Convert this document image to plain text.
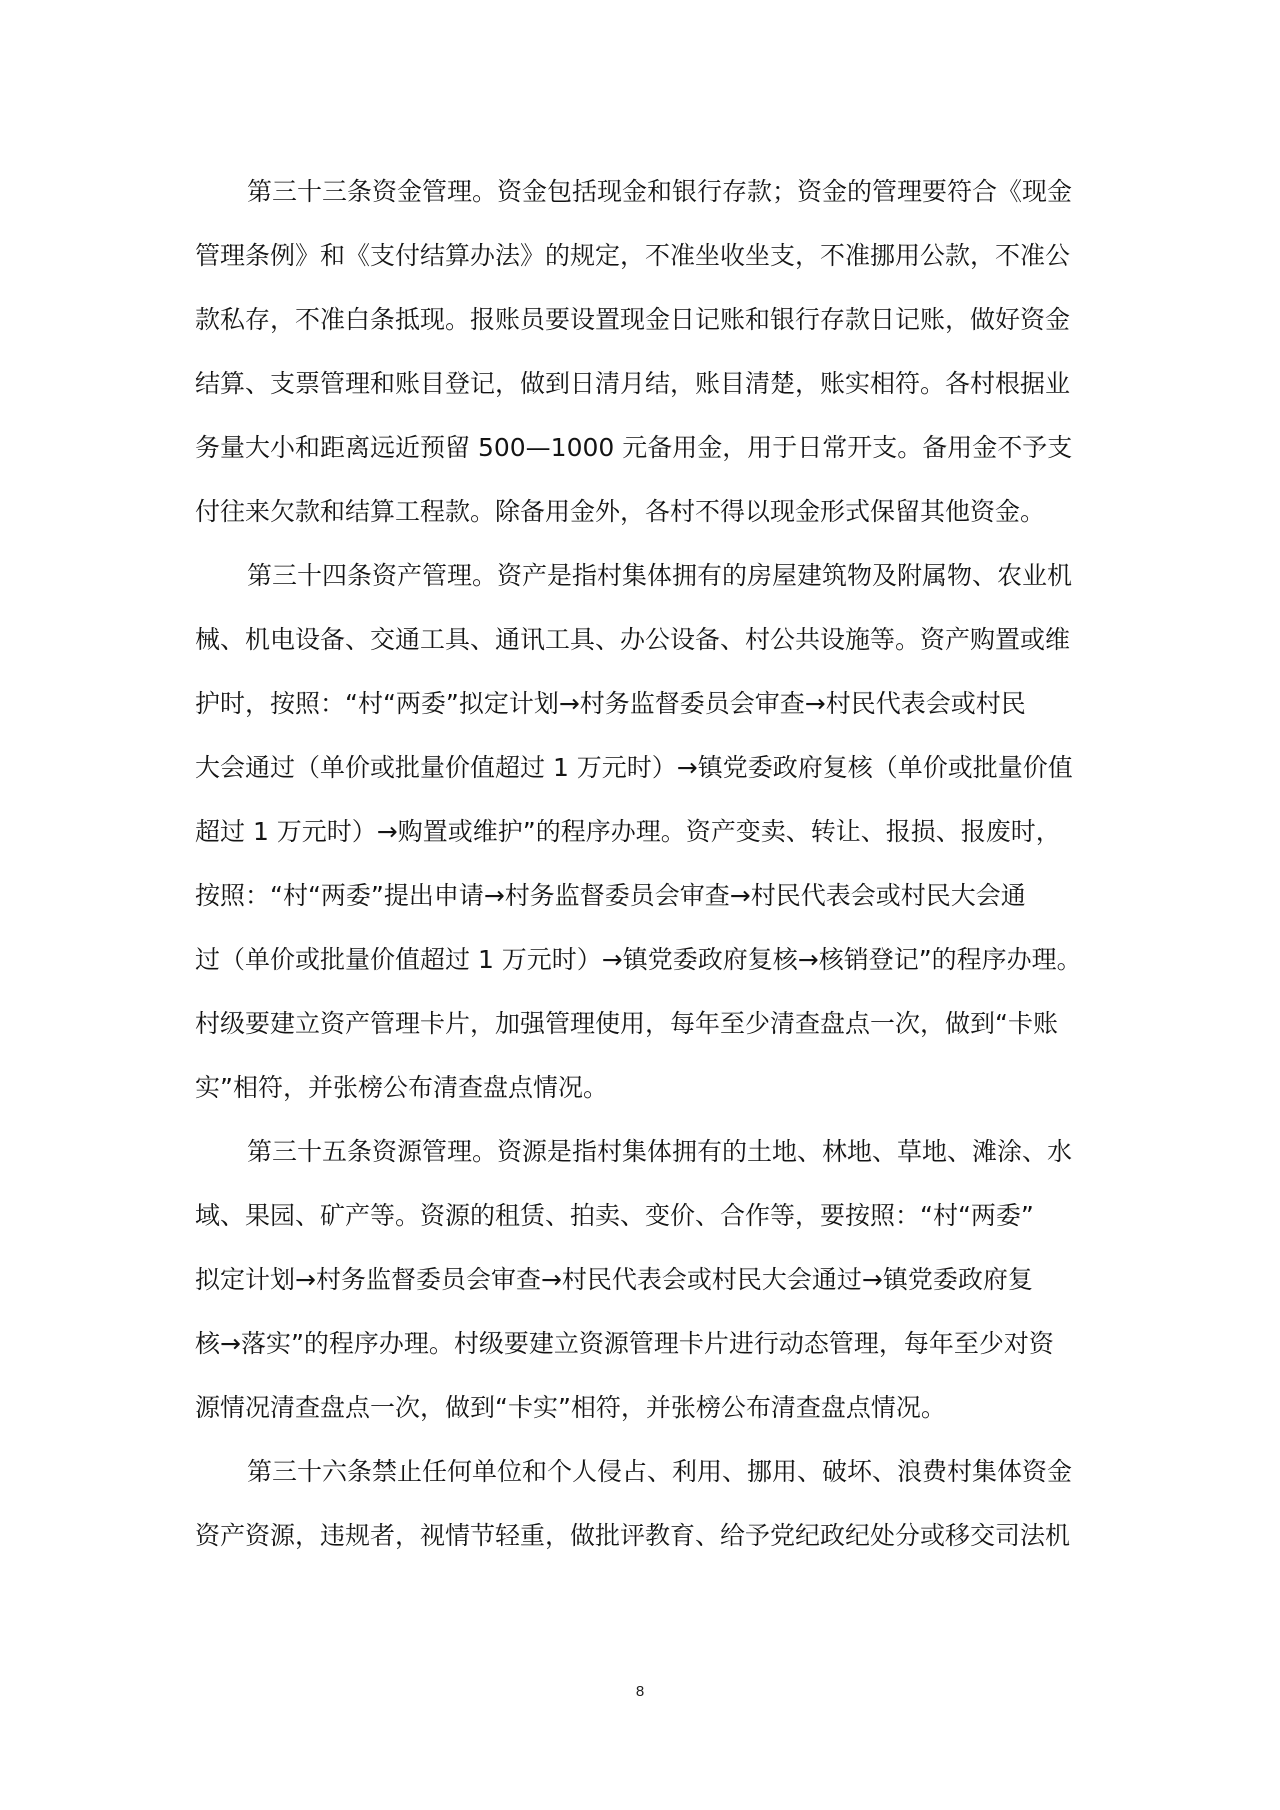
第三十三条资金管理。资金包括现金和银行存款；资金的管理要符合《现金
管理条例》和《支付结算办法》的规定，不准坐收坐支，不准挪用公款，不准公
款私存，不准白条抵现。报账员要设置现金日记账和银行存款日记账，做好资金
结算、支票管理和账目登记，做到日清月结，账目清楚，账实相符。各村根据业
务量大小和距离远近预留 500—1000 元备用金，用于日常开支。备用金不予支
付往来欠款和结算工程款。除备用金外，各村不得以现金形式保留其他资金。
第三十四条资产管理。资产是指村集体拥有的房屋建筑物及附属物、农业机
械、机电设备、交通工具、通讯工具、办公设备、村公共设施等。资产购置或维
护时，按照：“村“两委”拟定计划→村务监督委员会审查→村民代表会或村民
大会通过（单价或批量价值超过 1 万元时）→镇党委政府复核（单价或批量价值
超过 1 万元时）→购置或维护”的程序办理。资产变卖、转让、报损、报废时，
按照：“村“两委”提出申请→村务监督委员会审查→村民代表会或村民大会通
过（单价或批量价值超过 1 万元时）→镇党委政府复核→核销登记”的程序办理。
村级要建立资产管理卡片，加强管理使用，每年至少清查盘点一次，做到“卡账
实”相符，并张榜公布清查盘点情况。
第三十五条资源管理。资源是指村集体拥有的土地、林地、草地、滩涂、水
域、果园、矿产等。资源的租赁、拍卖、变价、合作等，要按照：“村“两委”
拟定计划→村务监督委员会审查→村民代表会或村民大会通过→镇党委政府复
核→落实”的程序办理。村级要建立资源管理卡片进行动态管理，每年至少对资
源情况清查盘点一次，做到“卡实”相符，并张榜公布清查盘点情况。
第三十六条禁止任何单位和个人侵占、利用、挪用、破坏、浪费村集体资金
资产资源，违规者，视情节轻重，做批评教育、给予党纪政纪处分或移交司法机
8
